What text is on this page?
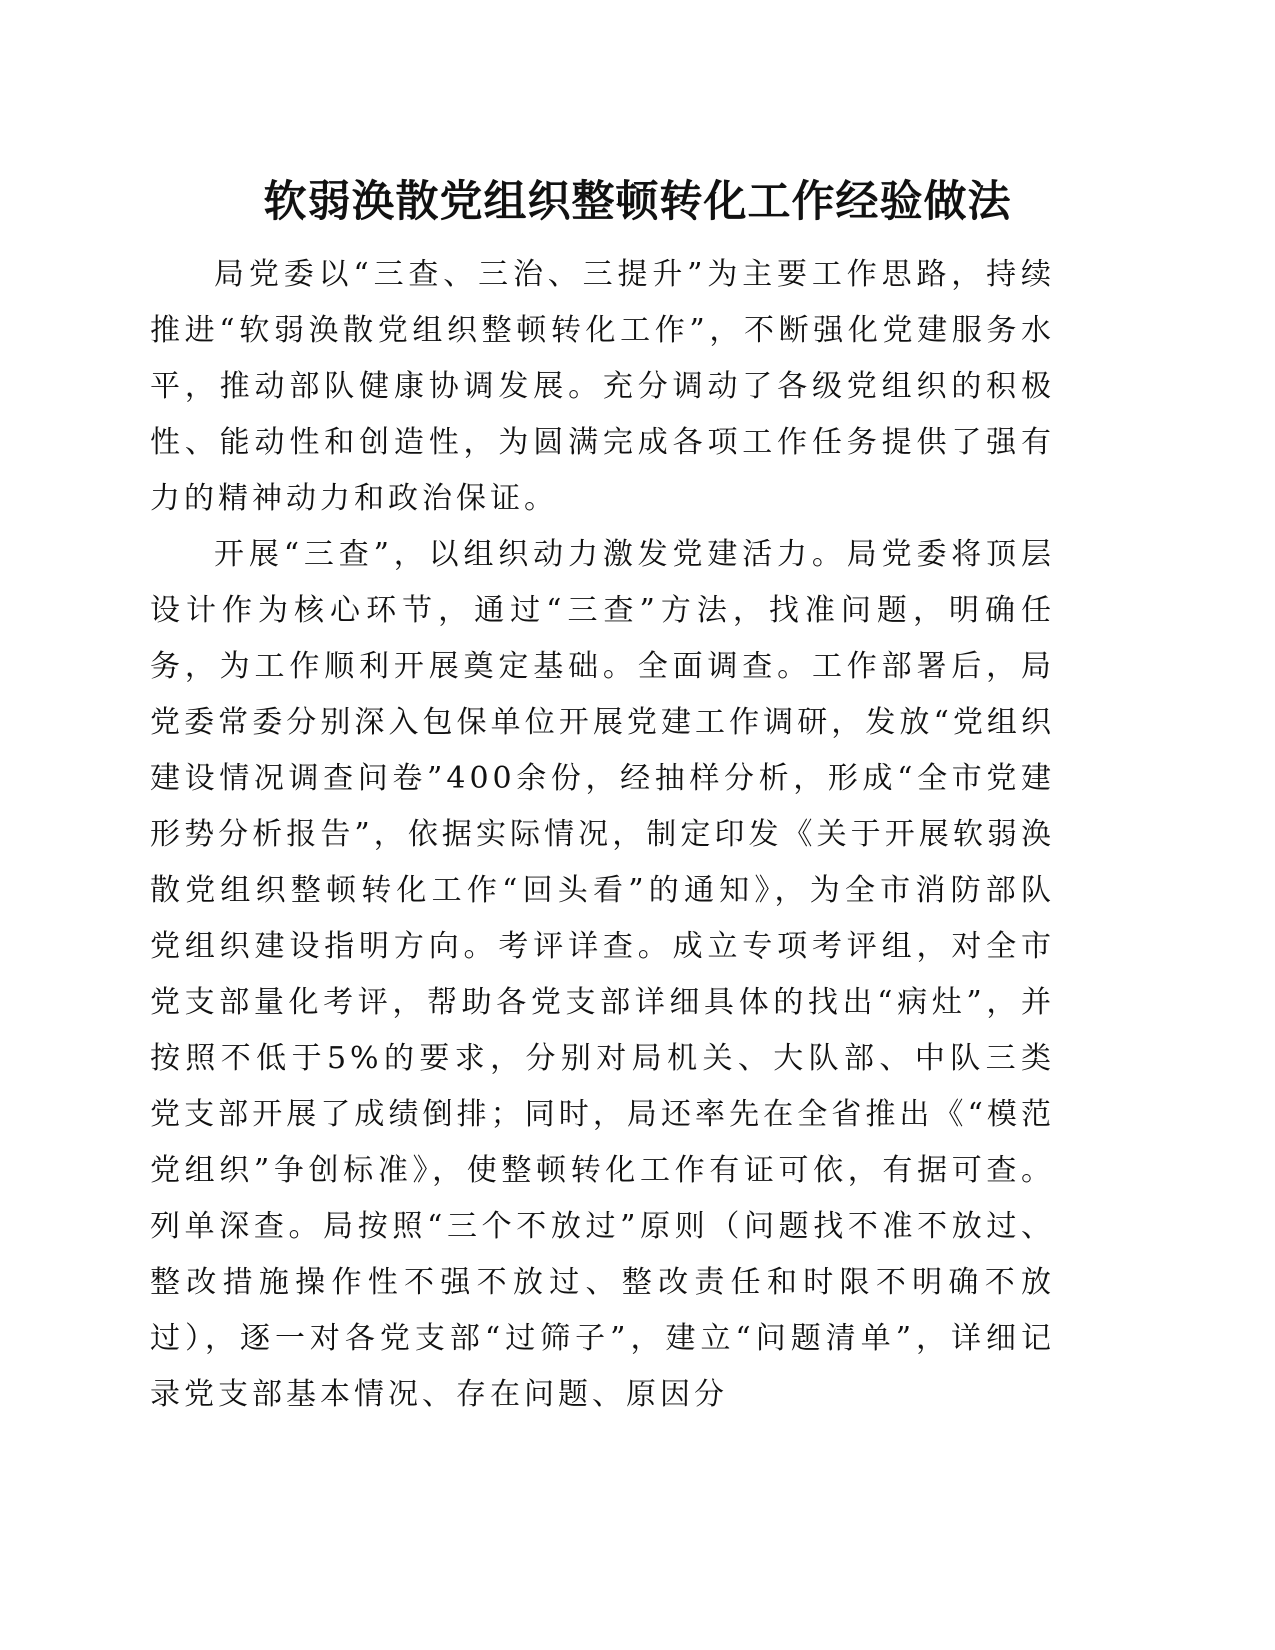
软弱涣散党组织整顿转化工作经验做法

局党委以“三查、三治、三提升”为主要工作思路，持续推进“软弱涣散党组织整顿转化工作”，不断强化党建服务水平，推动部队健康协调发展。充分调动了各级党组织的积极性、能动性和创造性，为圆满完成各项工作任务提供了强有力的精神动力和政治保证。

开展“三查”，以组织动力激发党建活力。局党委将顶层设计作为核心环节，通过“三查”方法，找准问题，明确任务，为工作顺利开展奠定基础。全面调查。工作部署后，局党委常委分别深入包保单位开展党建工作调研，发放“党组织建设情况调查问卷”400余份，经抽样分析，形成“全市党建形势分析报告”，依据实际情况，制定印发《关于开展软弱涣散党组织整顿转化工作“回头看”的通知》，为全市消防部队党组织建设指明方向。考评详查。成立专项考评组，对全市党支部量化考评，帮助各党支部详细具体的找出“病灶”，并按照不低于5%的要求，分别对局机关、大队部、中队三类党支部开展了成绩倒排；同时，局还率先在全省推出《“模范党组织”争创标准》，使整顿转化工作有证可依，有据可查。列单深查。局按照“三个不放过”原则（问题找不准不放过、整改措施操作性不强不放过、整改责任和时限不明确不放过），逐一对各党支部“过筛子”，建立“问题清单”，详细记录党支部基本情况、存在问题、原因分
